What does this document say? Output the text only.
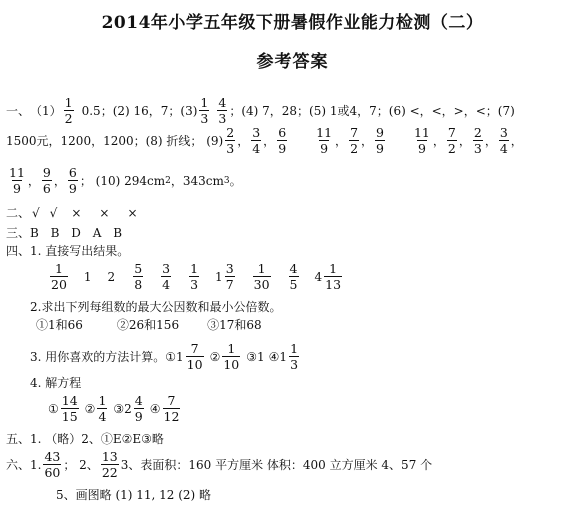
2014年小学五年级下册暑假作业能力检测（二）
参考答案
一、 $(1) \frac{1}{2} 0.5$；(2) 16，7；$(3) \frac{1}{3} \frac{4}{3}$ ；(4) 7，28；(5) 1或4，7；(6) <，<，>，<；(7)
1500元，1200，1200；(8) 折线； $(9) \frac{2}{3}$ ， $\frac{3}{4}$ ， $\frac{6}{9} \frac{11}{9}$ ， $\frac{7}{2}$ ， $\frac{9}{9} \frac{11}{9}$ ， $\frac{7}{2}$ ， $\frac{2}{3}$ ， $\frac{3}{4}$ ，
$\frac{11}{9}$ ， $\frac{9}{6}$ ， $\frac{6}{9}$ ； (10) 294cm 2 ，343cm 3 。
二、 √ √ × × ×
三、 B B D A B
四、1. 直接写出结果。
$\frac{1}{20} 1$ $2 \frac{5}{8} \frac{3}{4} \frac{1}{3} 1 \frac{3}{7} \frac{1}{30} \frac{4}{5} 4 \frac{1}{13}$
2.求出下列每组数的最大公因数和最小公倍数。
①1和66	②26和156 ③17和68
3. 用你喜欢的方法计算。 ①1 $\frac{7}{10}$ ② $\frac{1}{10}$ ③1 ④1 $\frac{1}{3}$
4. 解方程
① $\frac{14}{15}$ ② $\frac{1}{4}$ ③2 $\frac{4}{9}$ ④ $\frac{7}{12}$
五、1. （略）2、①E②E③略
六、1. $\frac{43}{60}$ ； 2、 $\frac{13}{22} 3$、表面积：160 平方厘米 体积：400 立方厘米 4、57 个
5、画图略 (1) 11, 12 (2) 略
